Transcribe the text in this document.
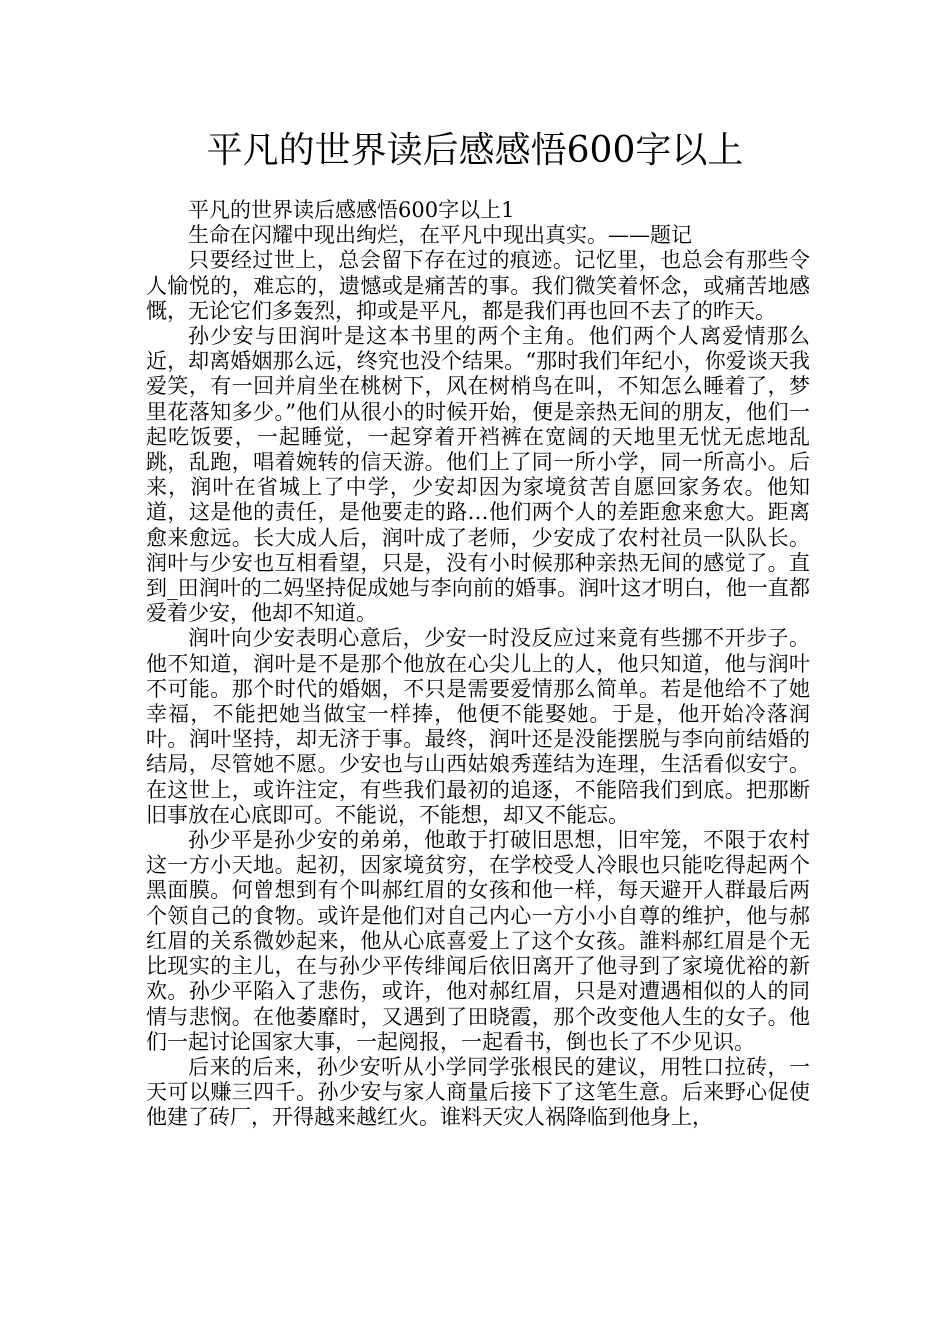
平凡的世界读后感感悟600字以上

平凡的世界读后感感悟600字以上1

生命在闪耀中现出绚烂，在平凡中现出真实。——题记

只要经过世上，总会留下存在过的痕迹。记忆里，也总会有那些令人愉悦的，难忘的，遗憾或是痛苦的事。我们微笑着怀念，或痛苦地感慨，无论它们多轰烈，抑或是平凡，都是我们再也回不去了的昨天。

孙少安与田润叶是这本书里的两个主角。他们两个人离爱情那么近，却离婚姻那么远，终究也没个结果。“那时我们年纪小，你爱谈天我爱笑，有一回并肩坐在桃树下，风在树梢鸟在叫，不知怎么睡着了，梦里花落知多少。”他们从很小的时候开始，便是亲热无间的朋友，他们一起吃饭要，一起睡觉，一起穿着开裆裤在宽阔的天地里无忧无虑地乱跳，乱跑，唱着婉转的信天游。他们上了同一所小学，同一所高小。后来，润叶在省城上了中学，少安却因为家境贫苦自愿回家务农。他知道，这是他的责任，是他要走的路…他们两个人的差距愈来愈大。距离愈来愈远。长大成人后，润叶成了老师，少安成了农村社员一队队长。润叶与少安也互相看望，只是，没有小时候那种亲热无间的感觉了。直到_田润叶的二妈坚持促成她与李向前的婚事。润叶这才明白，他一直都爱着少安，他却不知道。

润叶向少安表明心意后，少安一时没反应过来竟有些挪不开步子。他不知道，润叶是不是那个他放在心尖儿上的人，他只知道，他与润叶不可能。那个时代的婚姻，不只是需要爱情那么简单。若是他给不了她幸福，不能把她当做宝一样捧，他便不能娶她。于是，他开始冷落润叶。润叶坚持，却无济于事。最终，润叶还是没能摆脱与李向前结婚的结局，尽管她不愿。少安也与山西姑娘秀莲结为连理，生活看似安宁。在这世上，或许注定，有些我们最初的追逐，不能陪我们到底。把那断旧事放在心底即可。不能说，不能想，却又不能忘。

孙少平是孙少安的弟弟，他敢于打破旧思想，旧牢笼，不限于农村这一方小天地。起初，因家境贫穷，在学校受人冷眼也只能吃得起两个黑面膜。何曾想到有个叫郝红眉的女孩和他一样，每天避开人群最后两个领自己的食物。或许是他们对自己内心一方小小自尊的维护，他与郝红眉的关系微妙起来，他从心底喜爱上了这个女孩。誰料郝红眉是个无比现实的主儿，在与孙少平传绯闻后依旧离开了他寻到了家境优裕的新欢。孙少平陷入了悲伤，或许，他对郝红眉，只是对遭遇相似的人的同情与悲悯。在他萎靡时，又遇到了田晓霞，那个改变他人生的女子。他们一起讨论国家大事，一起阅报，一起看书，倒也长了不少见识。

后来的后来，孙少安听从小学同学张根民的建议，用牲口拉砖，一天可以赚三四千。孙少安与家人商量后接下了这笔生意。后来野心促使他建了砖厂，开得越来越红火。谁料天灾人祸降临到他身上，
